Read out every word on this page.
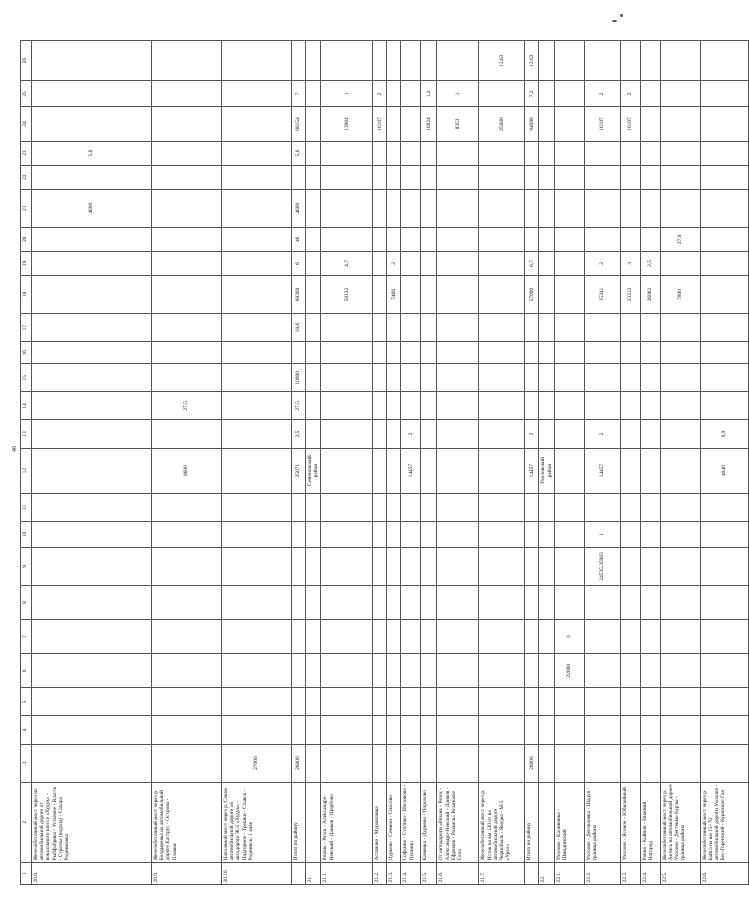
46
1	2	3	4	5	6	7	8	9	10	11	12	13	14	15	16	17	18	19	20	21	22	23	24	25	26
20.8.	Железобетонный мост через на автомобильной дороге от вокзального шоссе «Худук» - Рыбфабрика - Устьевое - Власть - Стрелкa (подход) - Сахара Родниковка																			4600		5,6			
20.9.	Железобетонный мост через р. Болдыревка на автомобильной дороге Каструс - Острова - Плавки										8600		27,5												
20.10.	Наплавной мост через р. Сэкэм автомобильной дороге «в автодороге Ж-5 «Худук» - Подгорное - Трешки - Славск - Роднинск, 1 знак	27000																							
	Итого по району	26000									25071	2,5	27,5	10800		18,6	68308	6	46	4600		5,6	98154	7	
21.											Семеновский район														
21.1.	Рязань - Рязск - Александро-Невский - Данков - Щербово																58132	4,7					13964	1	
21.2.	Астапово - Муравлянка																						16107	2	
21.3.	Дурьево - Семион - Спасово																7468	2							
21.4.	Софьино - Столпко - Шеловово - Пушино										14457	2													
21.5.	Каменка - Дурнево - Порохово																						16024	1,2	
21.6.	От автодороги «Рязань - Рязск - Александро-Невский - Данков - Ефремов - Рязанск» Рязанское Село																						8353	1	
21.7.	Железобетонный мост через р. Исток на км 130 от на автомобильной дороге Чернобыль - Ямуры - М-5 «Урал»																						25000		12,63
	Итого по району	26000									14457	2					57090	6,7					94088	7,2	12,63
22.											Ухоловский район														
22.1.	Ухолово - Калиновка - Шмидинский				22000	3																			
22.2.	Ухолово - Деговлевка - Шадуя - граница района							24535,35903	1		14457	2					15341	2					16107	2	
22.3.	Ухолово - Ясенок - Юбилейный																23312	3					16107	2	
22.4.	Ровно - Кайнов - Нижний Ногород																26082	2,5							
22.5.	Железобетонный мост через р. Актись на автомобильной дороге Ухолово - Дегтевые Курзы - граница района																7800		27,9						
22.6.	Железобетонный мост через р. Байса на км 15+70 автомобильной дороги Ухолово - Бес-Горенский - Куршское Гая										4040	9,9													
